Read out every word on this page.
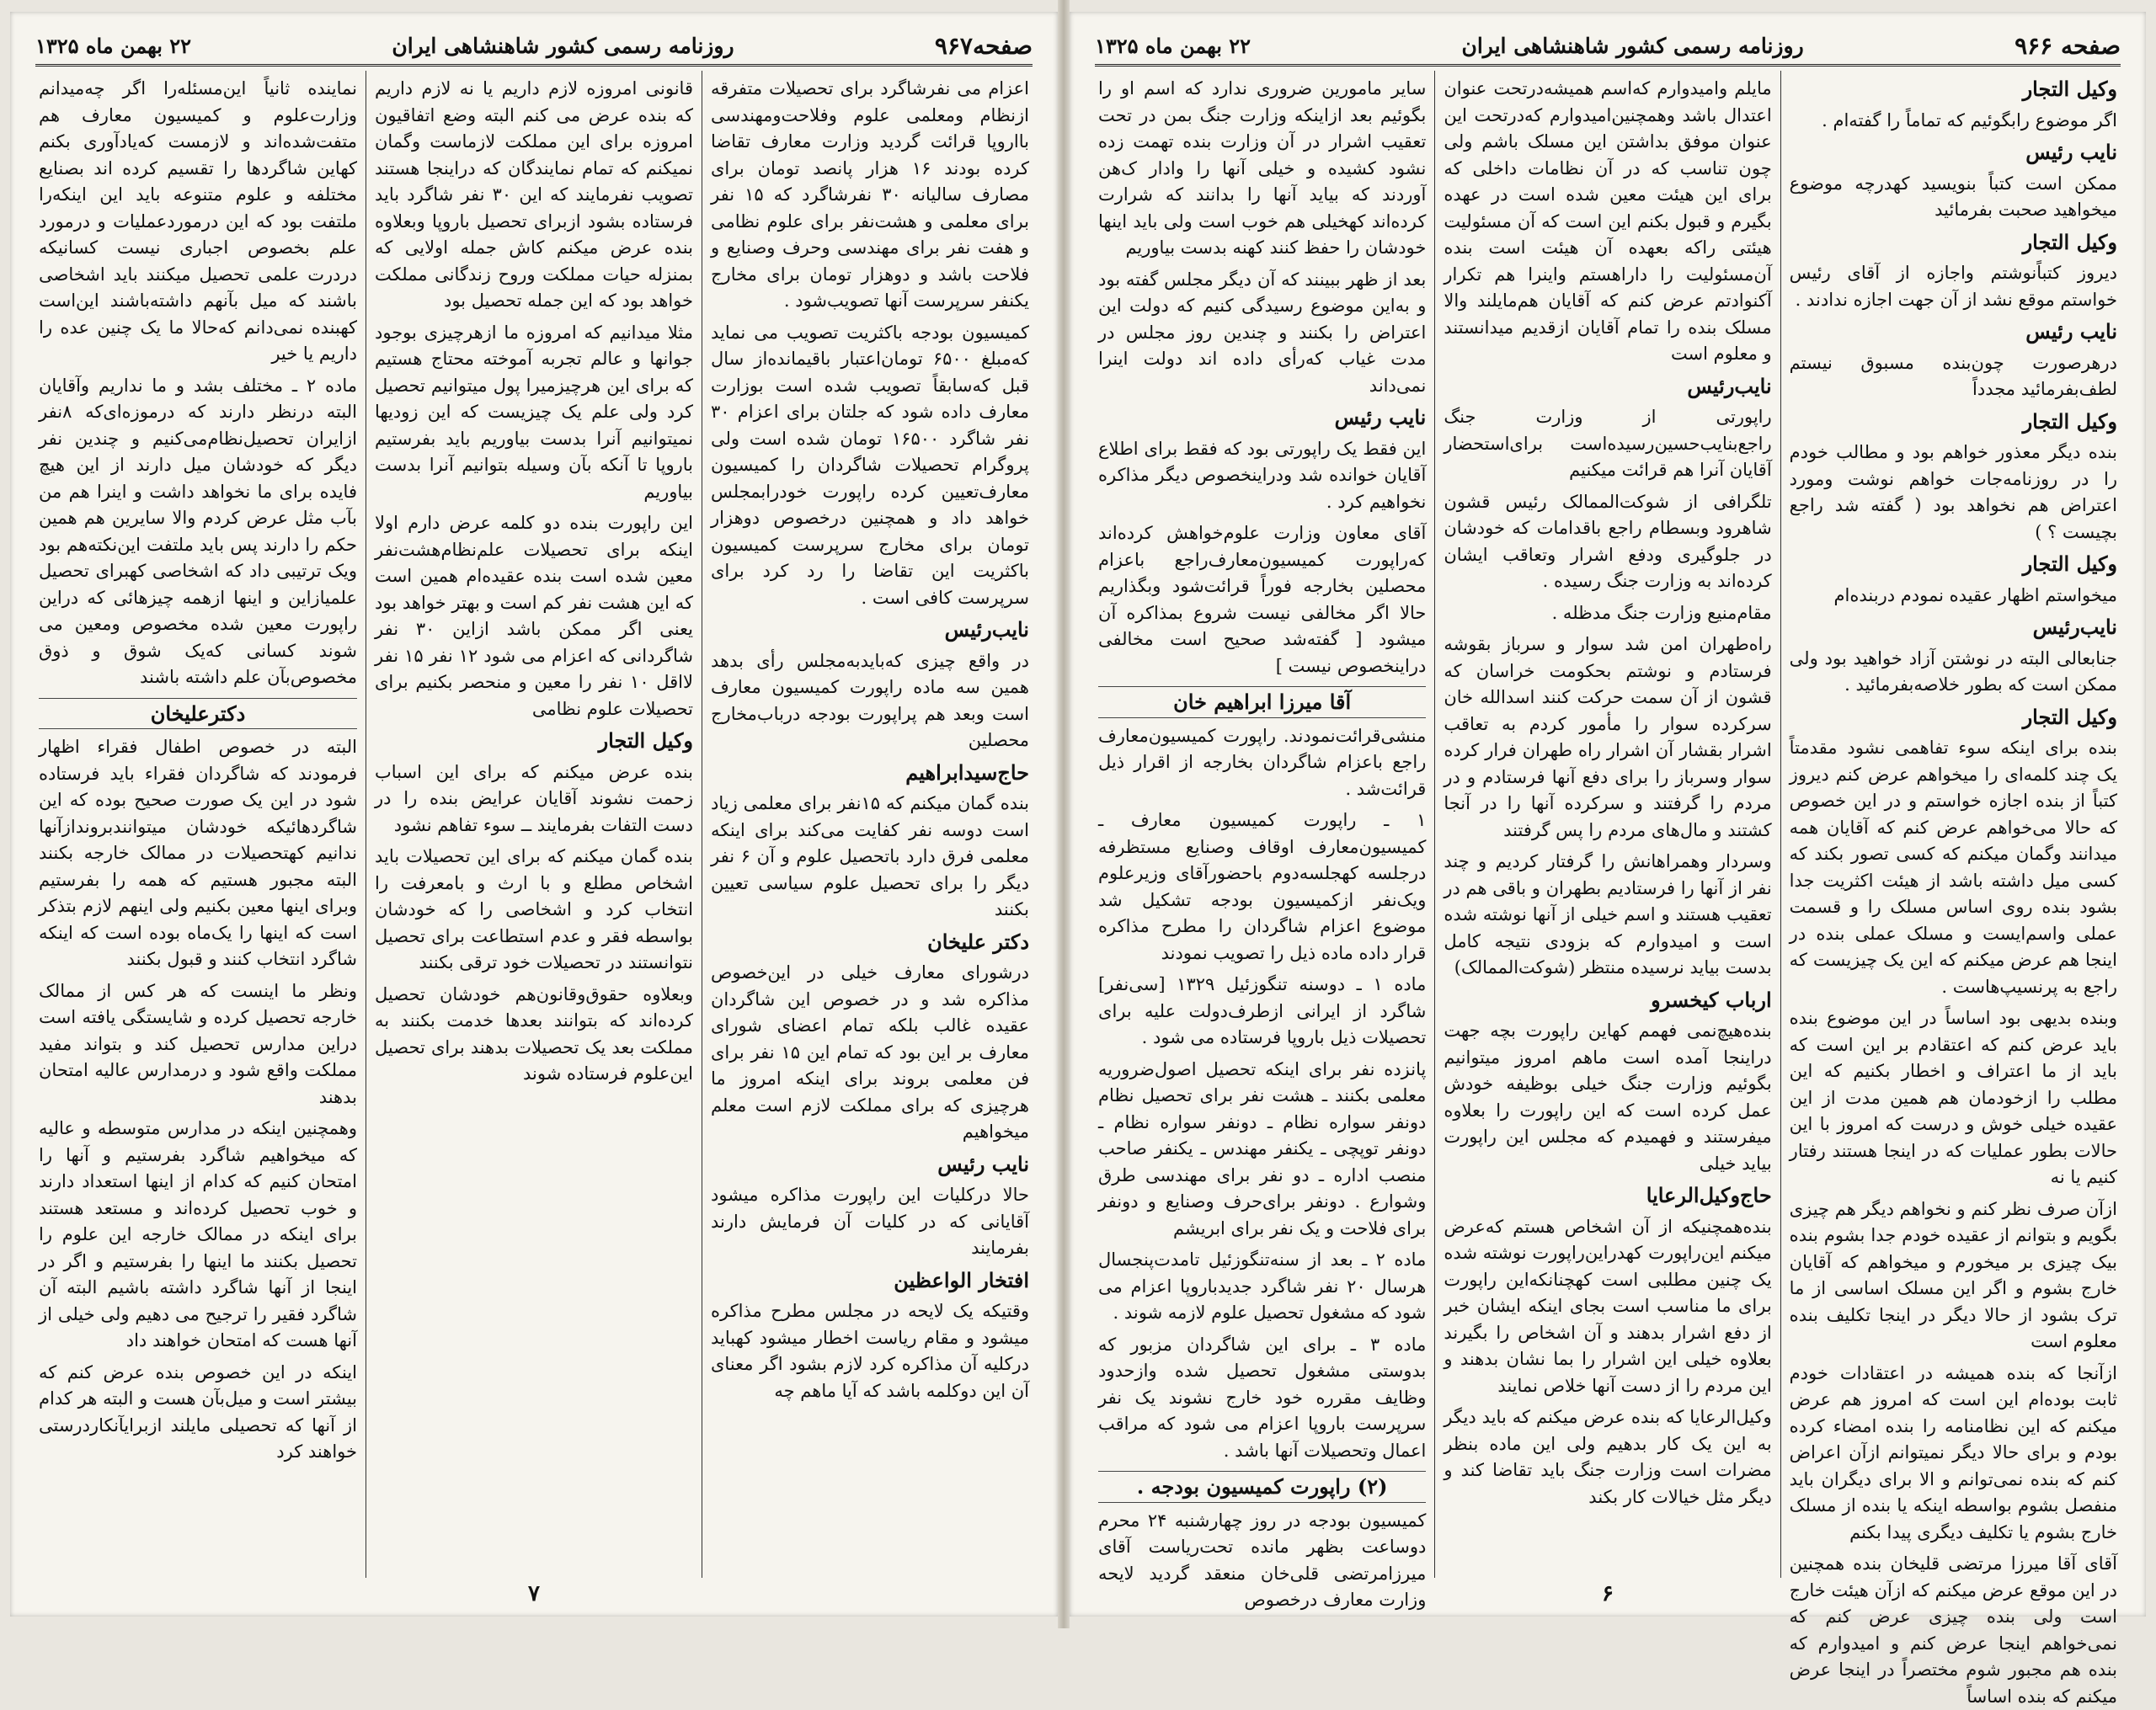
صفحه۹۶۷
روزنامه رسمی کشور شاهنشاهی ایران
۲۲ بهمن ماه ۱۳۲۵
اعزام می نفرشاگرد برای تحصیلات متفرقه ازنظام ومعلمی علوم وفلاحت‌ومهندسی بااروپا قرائت گردید وزارت معارف تقاضا کرده بودند ۱۶ هزار پانصد تومان برای مصارف سالیانه ۳۰ نفرشاگرد که ۱۵ نفر برای معلمی و هشت‌نفر برای علوم نظامی و هفت نفر برای مهندسی وحرف وصنایع و فلاحت باشد و دوهزار تومان برای مخارج یکنفر سرپرست آنها تصویب‌شود .
کمیسیون بودجه باکثریت تصویب می نماید که‌مبلغ ۶۵۰۰ تومان‌اعتبار باقیمانده‌از سال قبل که‌سابقاً تصویب شده است بوزارت معارف داده شود که جلتان برای اعزام ۳۰ نفر شاگرد ۱۶۵۰۰ تومان شده است ولی پروگرام تحصیلات شاگردان را کمیسیون معارف‌تعیین کرده راپورت خودرابمجلس خواهد داد و همچنین درخصوص دوهزار تومان برای مخارج سرپرست کمیسیون باکثریت این تقاضا را رد کرد برای سرپرست کافی است .
نایب‌رئیس
در واقع چیزی که‌باید‌به‌مجلس رأی بدهد همین سه ماده راپورت کمیسیون معارف است وبعد هم پراپورت بودجه درباب‌مخارج محصلین
حاج‌سیدابراهیم
بنده گمان میکنم که ۱۵نفر برای معلمی زیاد است دوسه نفر کفایت می‌کند برای اینکه معلمی فرق دارد باتحصیل علوم و آن ۶ نفر دیگر را برای تحصیل علوم سیاسی تعیین بکنند
دکتر علیخان
درشورای معارف خیلی در این‌خصوص مذاکره شد و در خصوص این شاگردان عقیده غالب بلکه تمام اعضای شورای معارف بر این بود که تمام این ۱۵ نفر برای فن معلمی بروند برای اینکه امروز ما هرچیزی که برای مملکت لازم است معلم میخواهیم
نایب رئیس
حالا درکلیات این راپورت مذاکره میشود آقایانی که در کلیات آن فرمایش دارند بفرمایند
افتخار الواعظین
وقتیکه یک لایحه در مجلس مطرح مذاکره میشود و مقام ریاست اخطار میشود کهباید درکلیه آن مذاکره کرد لازم بشود اگر معنای آن این دوکلمه باشد که آیا ماهم چه
قانونی امروزه لازم داریم یا نه لازم داریم که بنده عرض می کنم البته وضع اتفاقیون امروزه برای این مملکت لازماست وگمان نمیکنم که تمام نمایندگان که دراینجا هستند تصویب نفرمایند که این ۳۰ نفر شاگرد باید فرستاده بشود ازبرای تحصیل باروپا وبعلاوه بنده عرض میکنم کاش جمله اولایی که بمنزله حیات مملکت وروح زندگانی مملکت خواهد بود که این جمله تحصیل بود
مثلا میدانیم که امروزه ما ازهرچیزی بوجود جوانها و عالم تجربه آموخته محتاج هستیم که برای این هرچیزمیرا پول میتوانیم تحصیل کرد ولی علم یک چیزیست که این زودیها نمیتوانیم آنرا بدست بیاوریم باید بفرستیم باروپا تا آنکه بآن وسیله بتوانیم آنرا بدست بیاوریم
این راپورت بنده دو کلمه عرض دارم اولا اینکه برای تحصیلات علم‌نظام‌هشت‌نفر معین شده است بنده عقیده‌ام همین است که این هشت نفر کم است و بهتر خواهد بود یعنی اگر ممکن باشد ازاین ۳۰ نفر شاگردانی که اعزام می شود ۱۲ نفر ۱۵ نفر لااقل ۱۰ نفر را معین و منحصر بکنیم برای تحصیلات علوم نظامی
وکیل التجار
بنده عرض میکنم که برای این اسباب زحمت نشوند آقایان عرایض بنده را در دست التفات بفرمایند ــ سوء تفاهم نشود
بنده گمان میکنم که برای این تحصیلات باید اشخاص مطلع و با ارث و بامعرفت را انتخاب کرد و اشخاصی را که خودشان بواسطه فقر و عدم استطاعت برای تحصیل نتوانستند در تحصیلات خود ترقی بکنند
وبعلاوه حقوق‌وقانون‌هم خودشان تحصیل کرده‌اند که بتوانند بعدها خدمت بکنند به مملکت بعد یک تحصیلات بدهند برای تحصیل این‌علوم فرستاده شوند
نماینده ثانیاً این‌مسئله‌را اگر چه‌میدانم وزارت‌علوم و کمیسیون معارف هم متفت‌شده‌اند و لازمست که‌یادآوری بکنم کهاین شاگردها را تقسیم کرده اند بصنایع مختلفه و علوم متنوعه باید این اینکه‌را ملتفت بود که این درموردعملیات و درمورد علم بخصوص اجباری نیست کسانیکه دردرت علمی تحصیل میکنند باید اشخاصی باشند که میل بآنهم داشته‌باشند این‌است کهبنده نمی‌دانم که‌حالا ما یک چنین عده را داریم یا خیر
ماده ۲ ـ مختلف بشد و ما نداریم وآقایان البته درنظر دارند که درموزه‌ای‌که ۸نفر ازایران تحصیل‌نظام‌می‌کنیم و چندین نفر دیگر که خودشان میل دارند از این هیچ فایده برای ما نخواهد داشت و اینرا هم من بآب مثل عرض کردم والا سایرین هم همین حکم را دارند پس باید ملتفت این‌نکته‌هم بود ویک ترتیبی داد که اشخاصی کهبرای تحصیل علمیازاین و اینها ازهمه چیزهائی که دراین راپورت معین شده مخصوص ومعین می شوند کسانی که‌یک شوق و ذوق مخصوص‌بآن علم داشته باشند
دکترعلیخان
البته در خصوص اطفال فقراء اظهار فرمودند که شاگردان فقراء باید فرستاده شود در این یک صورت صحیح بوده که این شاگردهائیکه خودشان میتوانند‌بروند‌ازآنها ندانیم کهتحصیلات در ممالک خارجه بکنند البته مجبور هستیم که همه را بفرستیم وبرای اینها معین بکنیم ولی اینهم لازم بتذکر است که اینها را یک‌ماه بوده است که اینکه شاگرد انتخاب کنند و قبول بکنند
ونظر ما اینست که هر کس از ممالک خارجه تحصیل کرده و شایستگی یافته است دراین مدارس تحصیل کند و بتواند مفید مملکت واقع شود و درمدارس عالیه امتحان بدهند
وهمچنین اینکه در مدارس متوسطه و عالیه که میخواهیم شاگرد بفرستیم و آنها را امتحان کنیم که کدام از اینها استعداد دارند و خوب تحصیل کرده‌اند و مستعد هستند برای اینکه در ممالک خارجه این علوم را تحصیل بکنند ما اینها را بفرستیم و اگر در اینجا از آنها شاگرد داشته باشیم البته آن شاگرد فقیر را ترجیح می دهیم ولی خیلی از آنها هست که امتحان خواهند داد
اینکه در این خصوص بنده عرض کنم که بیشتر است و میل‌بآن هست و البته هر کدام از آنها که تحصیلی مایلند ازبرایآنکاردرستی خواهند کرد
۷
صفحه ۹۶۶
روزنامه رسمی کشور شاهنشاهی ایران
۲۲ بهمن ماه ۱۳۲۵
وکیل التجار
اگر موضوع رابگوئیم که تماماً را گفته‌ام .
نایب رئیس
ممکن است کتباً بنویسید کهدرچه موضوع میخواهید صحبت بفرمائید
وکیل التجار
دیروز کتباًنوشتم واجازه از آقای رئیس خواستم موقع نشد از آن جهت اجازه ندادند .
نایب رئیس
درهرصورت چون‌بنده مسبوق نیستم لطف‌بفرمائید مجدداً
وکیل التجار
بنده دیگر معذور خواهم بود و مطالب خودم را در روزنامه‌جات خواهم نوشت ومورد اعتراض هم نخواهد بود ( گفته شد راجع بچیست ؟ )
وکیل التجار
میخواستم اظهار عقیده نمودم دربنده‌ام
نایب‌رئیس
جنابعالی البته در نوشتن آزاد خواهید بود ولی ممکن است که بطور خلاصه‌بفرمائید .
وکیل التجار
بنده برای اینکه سوء تفاهمی نشود مقدمتاً یک چند کلمه‌ای را میخواهم عرض کنم دیروز کتباً از بنده اجازه خواستم و در این خصوص که حالا می‌خواهم عرض کنم که آقایان همه میدانند وگمان میکنم که کسی تصور بکند که کسی میل داشته باشد از هیئت اکثریت جدا بشود بنده روی اساس مسلک را و قسمت عملی واسم‌ایست و مسلک عملی بنده در اینجا هم عرض میکنم که این یک چیزیست که راجع به پرنسیپ‌هاست .
وبنده بدیهی بود اساساً در این موضوع بنده باید عرض کنم که اعتقادم بر این است که باید از ما اعتراف و اخطار بکنیم که این مطلب را ازخودمان هم همین مدت از این عقیده خیلی خوش و درست که امروز با این حالات بطور عملیات که در اینجا هستند رفتار کنیم یا نه
ازآن صرف نظر کنم و نخواهم دیگر هم چیزی بگویم و بتوانم از عقیده خودم جدا بشوم بنده بیک چیزی بر میخورم و میخواهم که آقایان خارج بشوم و اگر این مسلک اساسی از ما ترک بشود از حالا دیگر در اینجا تکلیف بنده معلوم است
ازآنجا که بنده همیشه در اعتقادات خودم ثابت بوده‌ام این است که امروز هم عرض میکنم که این نظامنامه را بنده امضاء کرده بودم و برای حالا دیگر نمیتوانم ازآن اعراض کنم که بنده نمی‌توانم و الا برای دیگران باید منفصل بشوم بواسطه اینکه یا بنده از مسلک خارج بشوم یا تکلیف دیگری پیدا بکنم
آقای آقا میرزا مرتضی قلیخان بنده همچنین در این موقع عرض میکنم که ازآن هیئت خارج است ولی بنده چیزی عرض کنم که نمی‌خواهم اینجا عرض کنم و امیدوارم که بنده هم مجبور شوم مختصراً در اینجا عرض میکنم که بنده اساساً
مایلم وامیدوارم که‌اسم همیشه‌درتحت عنوان اعتدال باشد وهمچنین‌امیدوارم که‌درتحت این عنوان موفق بداشتن این مسلک باشم ولی چون تناسب که در آن نظامات داخلی که برای این هیئت معین شده است در عهده بگیرم و قبول بکنم این است که آن مسئولیت هیئتی راکه بعهده آن هیئت است بنده آن‌مسئولیت را داراهستم واینرا هم تکرار آکنوادتم عرض کنم که آقایان هم‌مایلند والا مسلک بنده را تمام آقایان ازقدیم میدانستند و معلوم است
نایب‌رئیس
راپورتی از وزارت جنگ راجع‌بنایب‌حسین‌رسیده‌است برای‌استحضار آقایان آنرا هم قرائت میکنیم
تلگرافی از شوکت‌الممالک رئیس قشون شاهرود وبسطام راجع باقدامات که خودشان در جلوگیری ودفع اشرار وتعاقب ایشان کرده‌اند به وزارت جنگ رسیده .
مقام‌منیع وزارت جنگ مدظله .
راه‌طهران امن شد سوار و سرباز بقوشه فرستادم و نوشتم بحکومت خراسان که قشون از آن سمت حرکت کنند اسدالله خان سرکرده سوار را مأمور کردم به تعاقب اشرار بقشار آن اشرار راه طهران فرار کرده سوار وسرباز را برای دفع آنها فرستادم و در مردم را گرفتند و سرکرده آنها را در آنجا کشتند و مال‌های مردم را پس گرفتند
وسردار وهمراهانش را گرفتار کردیم و چند نفر از آنها را فرستادیم بطهران و باقی هم در تعقیب هستند و اسم خیلی از آنها نوشته شده است و امیدوارم که بزودی نتیجه کامل بدست بیاید نرسیده منتظر (شوکت‌الممالک)
ارباب کیخسرو
بنده‌هیچ‌نمی فهمم کهاین راپورت بچه جهت دراینجا آمده است ماهم امروز میتوانیم بگوئیم وزارت جنگ خیلی بوظیفه خودش عمل کرده است که این راپورت را بعلاوه میفرستند و فهمیدم که مجلس این راپورت بیاید خیلی
حاج‌وکیل‌الرعایا
بنده‌همچنیکه از آن اشخاص هستم که‌عرض میکنم این‌راپورت کهدراین‌راپورت نوشته شده یک چنین مطلبی است کهچنانکه‌این راپورت برای ما مناسب است بجای اینکه ایشان خبر از دفع اشرار بدهند و آن اشخاص را بگیرند بعلاوه خیلی این اشرار را بما نشان بدهند و این مردم را از دست آنها خلاص نمایند
وکیل‌الرعایا که بنده عرض میکنم که باید دیگر به این یک کار بدهیم ولی این ماده بنظر مضرات است وزارت جنگ باید تقاضا کند و دیگر مثل خیالات کار بکند
سایر مامورین ضروری ندارد که اسم او را بگوئیم بعد ازاینکه وزارت جنگ بمن در تحت تعقیب اشرار در آن وزارت بنده تهمت زده نشود کشیده و خیلی آنها را وادار ک‌هن آوردند که بیاید آنها را بدانند که شرارت کرده‌اند کهخیلی هم خوب است ولی باید اینها خودشان را حفظ کنند کهنه بدست بیاوریم
بعد از ظهر ببینند که آن دیگر مجلس گفته بود و به‌این موضوع رسیدگی کنیم که دولت این اعتراض را بکنند و چندین روز مجلس در مدت غیاب که‌رأی داده اند دولت اینرا نمی‌داند
نایب رئیس
این فقط یک راپورتی بود که فقط برای اطلاع آقایان خوانده شد ودراینخصوص دیگر مذاکره نخواهیم کرد .
آقای معاون وزارت علوم‌خواهش کرده‌اند که‌راپورت کمیسیون‌معارف‌راجع باعزام محصلین بخارجه فوراً قرائت‌شود وبگذاریم حالا اگر مخالفی نیست شروع بمذاکره آن میشود [ گفته‌شد صحیح است مخالفی دراینخصوص نیست ]
آقا میرزا ابراهیم خان
منشی‌قرائت‌نمودند. راپورت کمیسیون‌معارف راجع باعزام شاگردان بخارجه از اقرار ذیل قرائت‌شد .
۱ ـ راپورت کمیسیون معارف ـ کمیسیون‌معارف اوقاف وصنایع مستظرفه درجلسه کهجلسه‌دوم باحضورآقای وزیرعلوم ویک‌نفر ازکمیسیون بودجه تشکیل شد موضوع اعزام شاگردان را مطرح مذاکره قرار داده ماده ذیل را تصویب نمودند
ماده ۱ ـ دوسنه تنگوزئیل ۱۳۲۹ [سی‌نفر] شاگرد از ایرانی ازطرف‌دولت علیه برای تحصیلات ذیل باروپا فرستاده می شود .
پانزده نفر برای اینکه تحصیل اصول‌ضروریه معلمی بکنند ـ هشت نفر برای تحصیل نظام دونفر سواره نظام ـ دونفر سواره نظام ـ دونفر توپچی ـ یکنفر مهندس ـ یکنفر صاحب منصب اداره ـ دو نفر برای مهندسی طرق وشوارع . دونفر برای‌حرف وصنایع و دونفر برای فلاحت و یک نفر برای ابریشم
ماده ۲ ـ بعد از سنه‌تنگوزئیل تامدت‌پنجسال هرسال ۲۰ نفر شاگرد جدیدباروپا اعزام می شود که مشغول تحصیل علوم لازمه شوند .
ماده ۳ ـ برای این شاگردان مزبور که بدوستی مشغول تحصیل شده وازحدود وظایف مقرره خود خارج نشوند یک نفر سرپرست باروپا اعزام می شود که مراقب اعمال وتحصیلات آنها باشد .
(۲) راپورت کمیسیون بودجه .
کمیسیون بودجه در روز چهارشنبه ۲۴ محرم دوساعت بظهر مانده تحت‌ریاست آقای میرزامرتضی قلی‌خان منعقد گردید لایحه وزارت معارف درخصوص	۶
